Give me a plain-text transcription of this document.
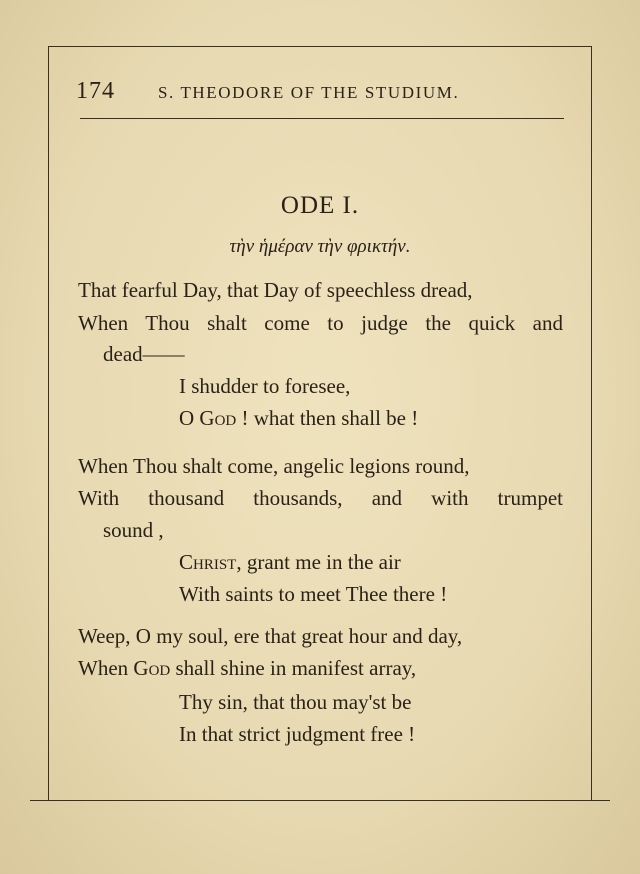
174	S. THEODORE OF THE STUDIUM.
ODE I.
τὴν ἡμέραν τὴν φρικτήν.
That fearful Day, that Day of speechless dread,
When Thou shalt come to judge the quick and
dead——
I shudder to foresee,
O God ! what then shall be !
When Thou shalt come, angelic legions round,
With thousand thousands, and with trumpet
sound ,
Christ, grant me in the air
With saints to meet Thee there !
Weep, O my soul, ere that great hour and day,
When God shall shine in manifest array,
Thy sin, that thou may'st be
In that strict judgment free !
